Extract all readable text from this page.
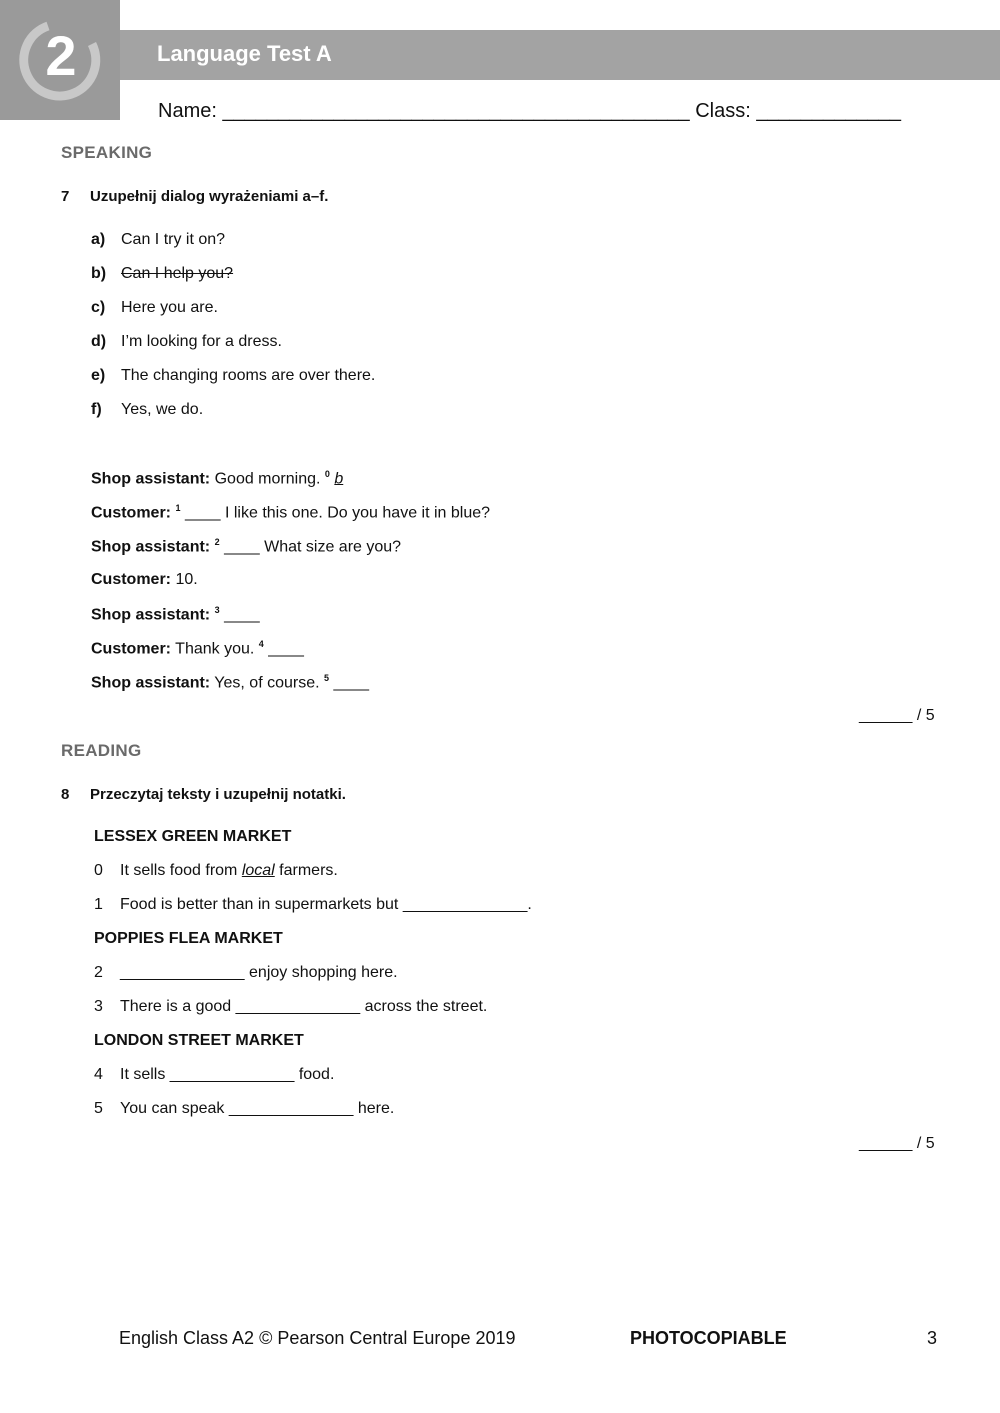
2	Language Test A
Name: __________________________________________ Class: _____________
SPEAKING
7 Uzupełnij dialog wyrażeniami a–f.
a) Can I try it on?
b) Can I help you?
c) Here you are.
d) I’m looking for a dress.
e) The changing rooms are over there.
f) Yes, we do.
Shop assistant: Good morning. $^0$ b
Customer: $^1$ ____ I like this one. Do you have it in blue?
Shop assistant: $^2$ ____ What size are you?
Customer: 10.
Shop assistant: $^3$ ____
Customer: Thank you. $^4$ ____
Shop assistant: Yes, of course. $^5$ ____
______ / 5
READING
8 Przeczytaj teksty i uzupełnij notatki.
LESSEX GREEN MARKET
0 It sells food from local farmers.
1 Food is better than in supermarkets but ______________.
POPPIES FLEA MARKET
2 ______________ enjoy shopping here.
3 There is a good ______________ across the street.
LONDON STREET MARKET
4 It sells ______________ food.
5 You can speak ______________ here.
______ / 5
English Class A2 © Pearson Central Europe 2019	PHOTOCOPIABLE	3
